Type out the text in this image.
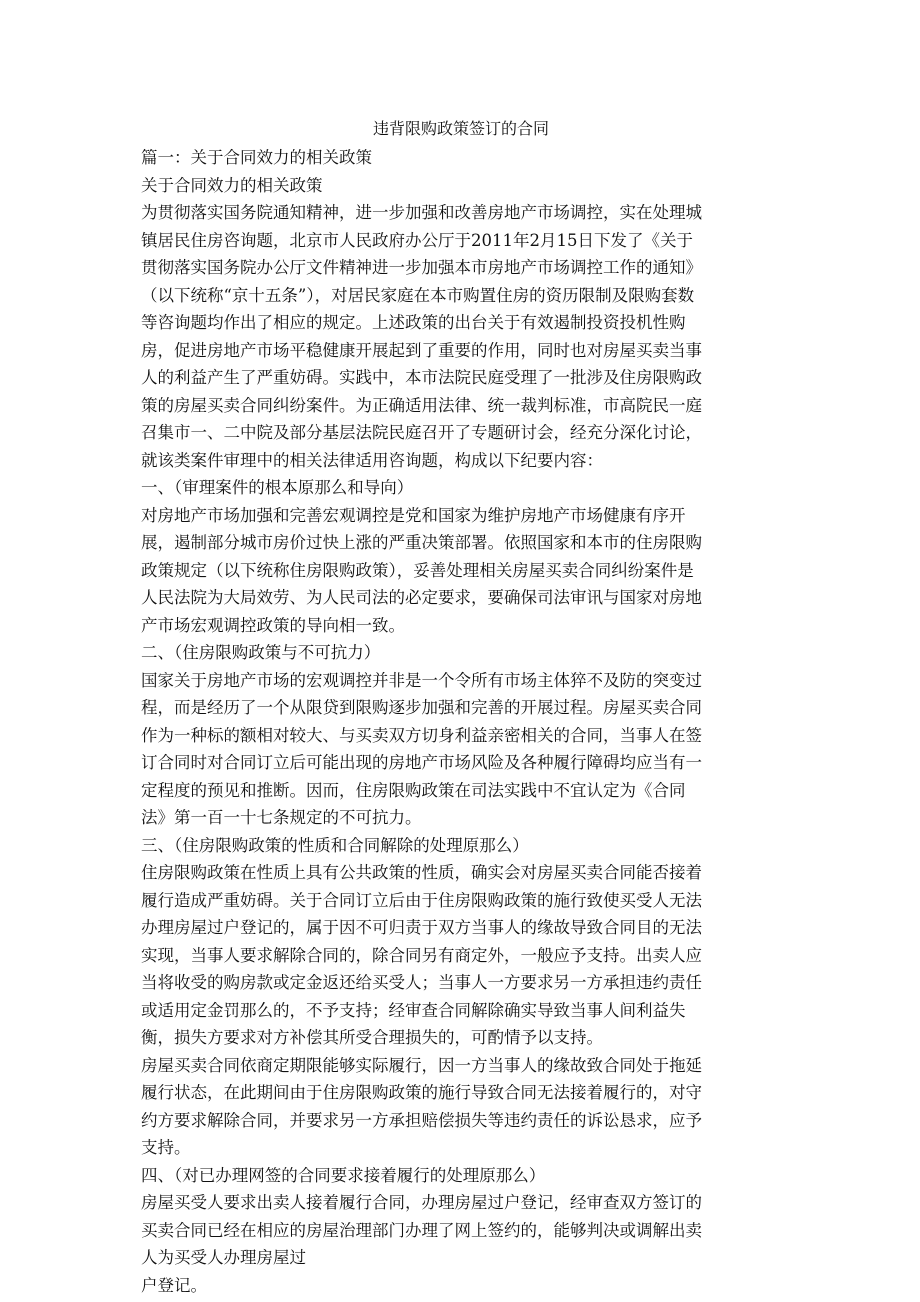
违背限购政策签订的合同

篇一：关于合同效力的相关政策

关于合同效力的相关政策

为贯彻落实国务院通知精神，进一步加强和改善房地产市场调控，实在处理城

镇居民住房咨询题，北京市人民政府办公厅于2011年2月15日下发了《关于

贯彻落实国务院办公厅文件精神进一步加强本市房地产市场调控工作的通知》

（以下统称“京十五条”），对居民家庭在本市购置住房的资历限制及限购套数

等咨询题均作出了相应的规定。上述政策的出台关于有效遏制投资投机性购

房，促进房地产市场平稳健康开展起到了重要的作用，同时也对房屋买卖当事

人的利益产生了严重妨碍。实践中，本市法院民庭受理了一批涉及住房限购政

策的房屋买卖合同纠纷案件。为正确适用法律、统一裁判标准，市高院民一庭

召集市一、二中院及部分基层法院民庭召开了专题研讨会，经充分深化讨论，

就该类案件审理中的相关法律适用咨询题，构成以下纪要内容：

一、（审理案件的根本原那么和导向）

对房地产市场加强和完善宏观调控是党和国家为维护房地产市场健康有序开

展，遏制部分城市房价过快上涨的严重决策部署。依照国家和本市的住房限购

政策规定（以下统称住房限购政策），妥善处理相关房屋买卖合同纠纷案件是

人民法院为大局效劳、为人民司法的必定要求，要确保司法审讯与国家对房地

产市场宏观调控政策的导向相一致。

二、（住房限购政策与不可抗力）

国家关于房地产市场的宏观调控并非是一个令所有市场主体猝不及防的突变过

程，而是经历了一个从限贷到限购逐步加强和完善的开展过程。房屋买卖合同

作为一种标的额相对较大、与买卖双方切身利益亲密相关的合同，当事人在签

订合同时对合同订立后可能出现的房地产市场风险及各种履行障碍均应当有一

定程度的预见和推断。因而，住房限购政策在司法实践中不宜认定为《合同

法》第一百一十七条规定的不可抗力。

三、（住房限购政策的性质和合同解除的处理原那么）

住房限购政策在性质上具有公共政策的性质，确实会对房屋买卖合同能否接着

履行造成严重妨碍。关于合同订立后由于住房限购政策的施行致使买受人无法

办理房屋过户登记的，属于因不可归责于双方当事人的缘故导致合同目的无法

实现，当事人要求解除合同的，除合同另有商定外，一般应予支持。出卖人应

当将收受的购房款或定金返还给买受人；当事人一方要求另一方承担违约责任

或适用定金罚那么的，不予支持；经审查合同解除确实导致当事人间利益失

衡，损失方要求对方补偿其所受合理损失的，可酌情予以支持。

房屋买卖合同依商定期限能够实际履行，因一方当事人的缘故致合同处于拖延

履行状态，在此期间由于住房限购政策的施行导致合同无法接着履行的，对守

约方要求解除合同，并要求另一方承担赔偿损失等违约责任的诉讼恳求，应予

支持。

四、（对已办理网签的合同要求接着履行的处理原那么）

房屋买受人要求出卖人接着履行合同，办理房屋过户登记，经审查双方签订的

买卖合同已经在相应的房屋治理部门办理了网上签约的，能够判决或调解出卖

人为买受人办理房屋过

户登记。
